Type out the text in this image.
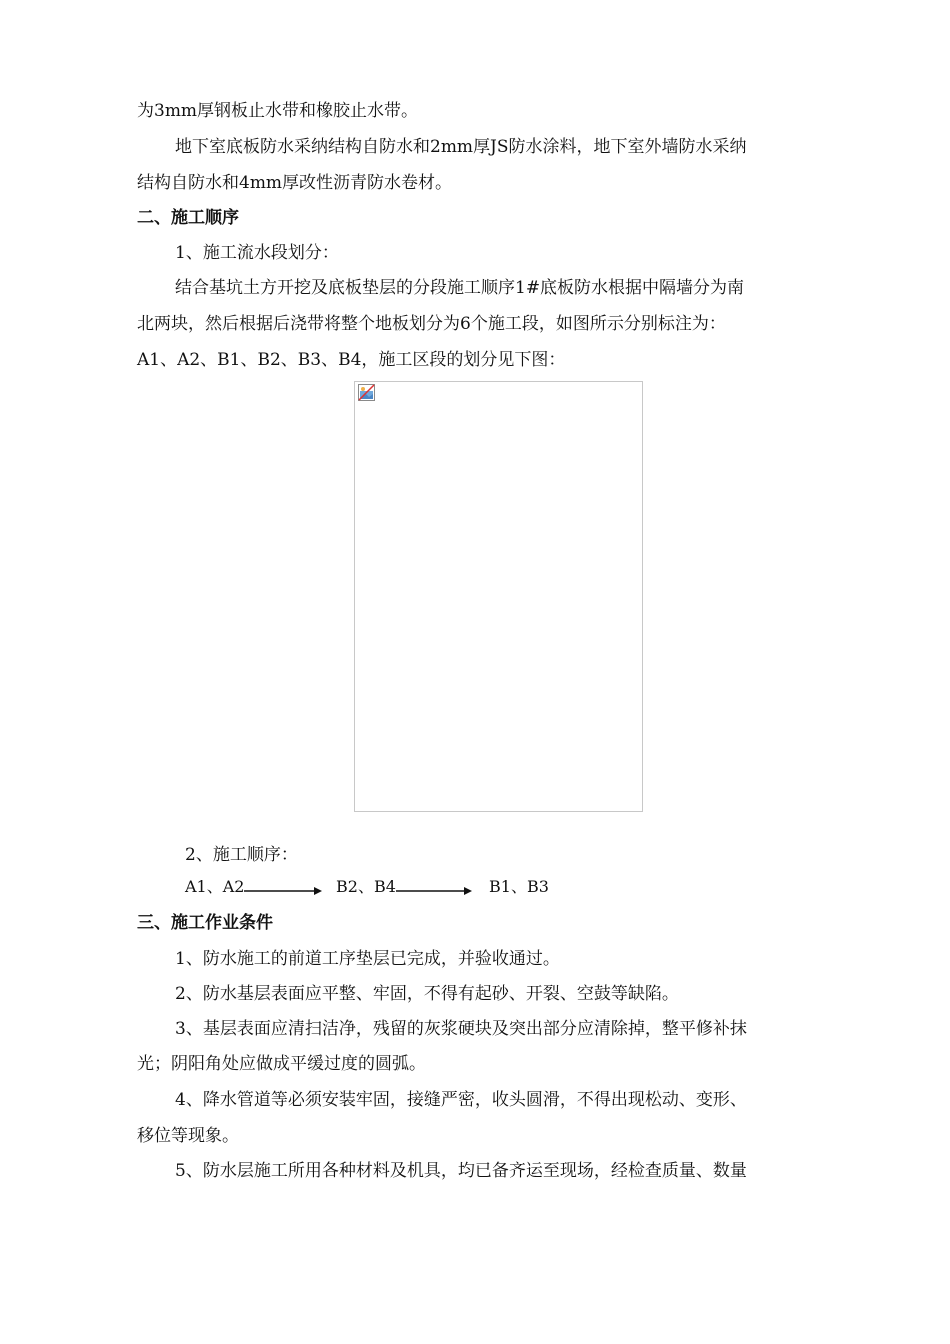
为3mm厚钢板止水带和橡胶止水带。
地下室底板防水采纳结构自防水和2mm厚JS防水涂料，地下室外墙防水采纳
结构自防水和4mm厚改性沥青防水卷材。
二、施工顺序
1、施工流水段划分：
结合基坑土方开挖及底板垫层的分段施工顺序1#底板防水根据中隔墙分为南
北两块，然后根据后浇带将整个地板划分为6个施工段，如图所示分别标注为：
A1、A2、B1、B2、B3、B4，施工区段的划分见下图：
2、施工顺序：
A1、A2	B2、B4	B1、B3
三、施工作业条件
1、防水施工的前道工序垫层已完成，并验收通过。
2、防水基层表面应平整、牢固，不得有起砂、开裂、空鼓等缺陷。
3、基层表面应清扫洁净，残留的灰浆硬块及突出部分应清除掉，整平修补抹
光；阴阳角处应做成平缓过度的圆弧。
4、降水管道等必须安装牢固，接缝严密，收头圆滑，不得出现松动、变形、
移位等现象。
5、防水层施工所用各种材料及机具，均已备齐运至现场，经检查质量、数量
